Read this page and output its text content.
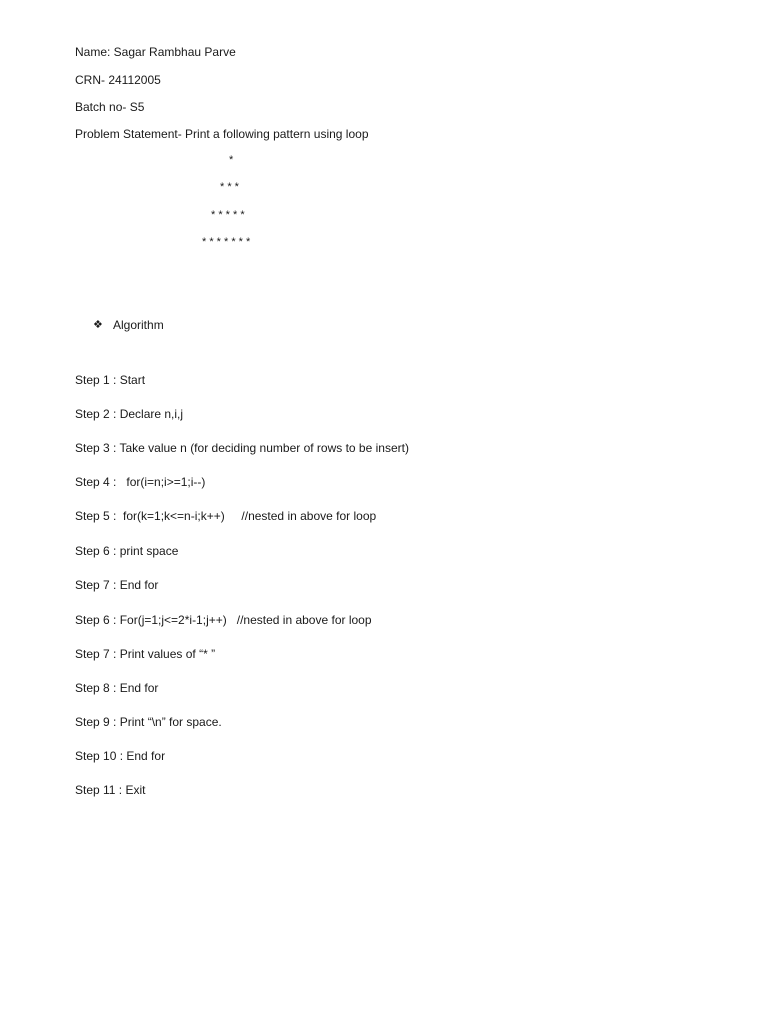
Name: Sagar Rambhau Parve
CRN- 24112005
Batch no- S5
Problem Statement- Print a following pattern using loop
*
* * *
* * * * *
* * * * * * *
❖ Algorithm
Step 1 : Start
Step 2 : Declare n,i,j
Step 3 : Take value n (for deciding number of rows to be insert)
Step 4 :   for(i=n;i>=1;i--)
Step 5 :  for(k=1;k<=n-i;k++)     //nested in above for loop
Step 6 : print space
Step 7 : End for
Step 6 : For(j=1;j<=2*i-1;j++)   //nested in above for loop
Step 7 : Print values of “* ”
Step 8 : End for
Step 9 : Print “\n” for space.
Step 10 : End for
Step 11 : Exit
